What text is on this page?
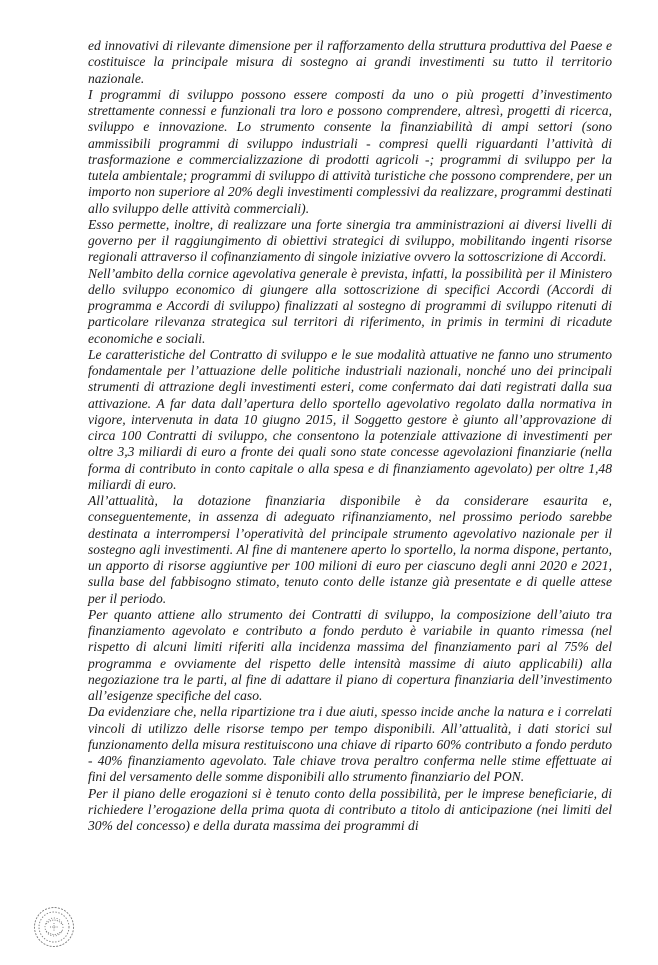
ed innovativi di rilevante dimensione per il rafforzamento della struttura produttiva del Paese e costituisce la principale misura di sostegno ai grandi investimenti su tutto il territorio nazionale.

I programmi di sviluppo possono essere composti da uno o più progetti d’investimento strettamente connessi e funzionali tra loro e possono comprendere, altresì, progetti di ricerca, sviluppo e innovazione. Lo strumento consente la finanziabilità di ampi settori (sono ammissibili programmi di sviluppo industriali - compresi quelli riguardanti l’attività di trasformazione e commercializzazione di prodotti agricoli -; programmi di sviluppo per la tutela ambientale; programmi di sviluppo di attività turistiche che possono comprendere, per un importo non superiore al 20% degli investimenti complessivi da realizzare, programmi destinati allo sviluppo delle attività commerciali).

Esso permette, inoltre, di realizzare una forte sinergia tra amministrazioni ai diversi livelli di governo per il raggiungimento di obiettivi strategici di sviluppo, mobilitando ingenti risorse regionali attraverso il cofinanziamento di singole iniziative ovvero la sottoscrizione di Accordi.

Nell’ambito della cornice agevolativa generale è prevista, infatti, la possibilità per il Ministero dello sviluppo economico di giungere alla sottoscrizione di specifici Accordi (Accordi di programma e Accordi di sviluppo) finalizzati al sostegno di programmi di sviluppo ritenuti di particolare rilevanza strategica sul territori di riferimento, in primis in termini di ricadute economiche e sociali.

Le caratteristiche del Contratto di sviluppo e le sue modalità attuative ne fanno uno strumento fondamentale per l’attuazione delle politiche industriali nazionali, nonché uno dei principali strumenti di attrazione degli investimenti esteri, come confermato dai dati registrati dalla sua attivazione. A far data dall’apertura dello sportello agevolativo regolato dalla normativa in vigore, intervenuta in data 10 giugno 2015, il Soggetto gestore è giunto all’approvazione di circa 100 Contratti di sviluppo, che consentono la potenziale attivazione di investimenti per oltre 3,3 miliardi di euro a fronte dei quali sono state concesse agevolazioni finanziarie (nella forma di contributo in conto capitale o alla spesa e di finanziamento agevolato) per oltre 1,48 miliardi di euro.

All’attualità, la dotazione finanziaria disponibile è da considerare esaurita e, conseguentemente, in assenza di adeguato rifinanziamento, nel prossimo periodo sarebbe destinata a interrompersi l’operatività del principale strumento agevolativo nazionale per il sostegno agli investimenti. Al fine di mantenere aperto lo sportello, la norma dispone, pertanto, un apporto di risorse aggiuntive per 100 milioni di euro per ciascuno degli anni 2020 e 2021, sulla base del fabbisogno stimato, tenuto conto delle istanze già presentate e di quelle attese per il periodo.

Per quanto attiene allo strumento dei Contratti di sviluppo, la composizione dell’aiuto tra finanziamento agevolato e contributo a fondo perduto è variabile in quanto rimessa (nel rispetto di alcuni limiti riferiti alla incidenza massima del finanziamento pari al 75% del programma e ovviamente del rispetto delle intensità massime di aiuto applicabili) alla negoziazione tra le parti, al fine di adattare il piano di copertura finanziaria dell’investimento all’esigenze specifiche del caso.

Da evidenziare che, nella ripartizione tra i due aiuti, spesso incide anche la natura e i correlati vincoli di utilizzo delle risorse tempo per tempo disponibili. All’attualità, i dati storici sul funzionamento della misura restituiscono una chiave di riparto 60% contributo a fondo perduto - 40% finanziamento agevolato. Tale chiave trova peraltro conferma nelle stime effettuate ai fini del versamento delle somme disponibili allo strumento finanziario del PON.

Per il piano delle erogazioni si è tenuto conto della possibilità, per le imprese beneficiarie, di richiedere l’erogazione della prima quota di contributo a titolo di anticipazione (nei limiti del 30% del concesso) e della durata massima dei programmi di
